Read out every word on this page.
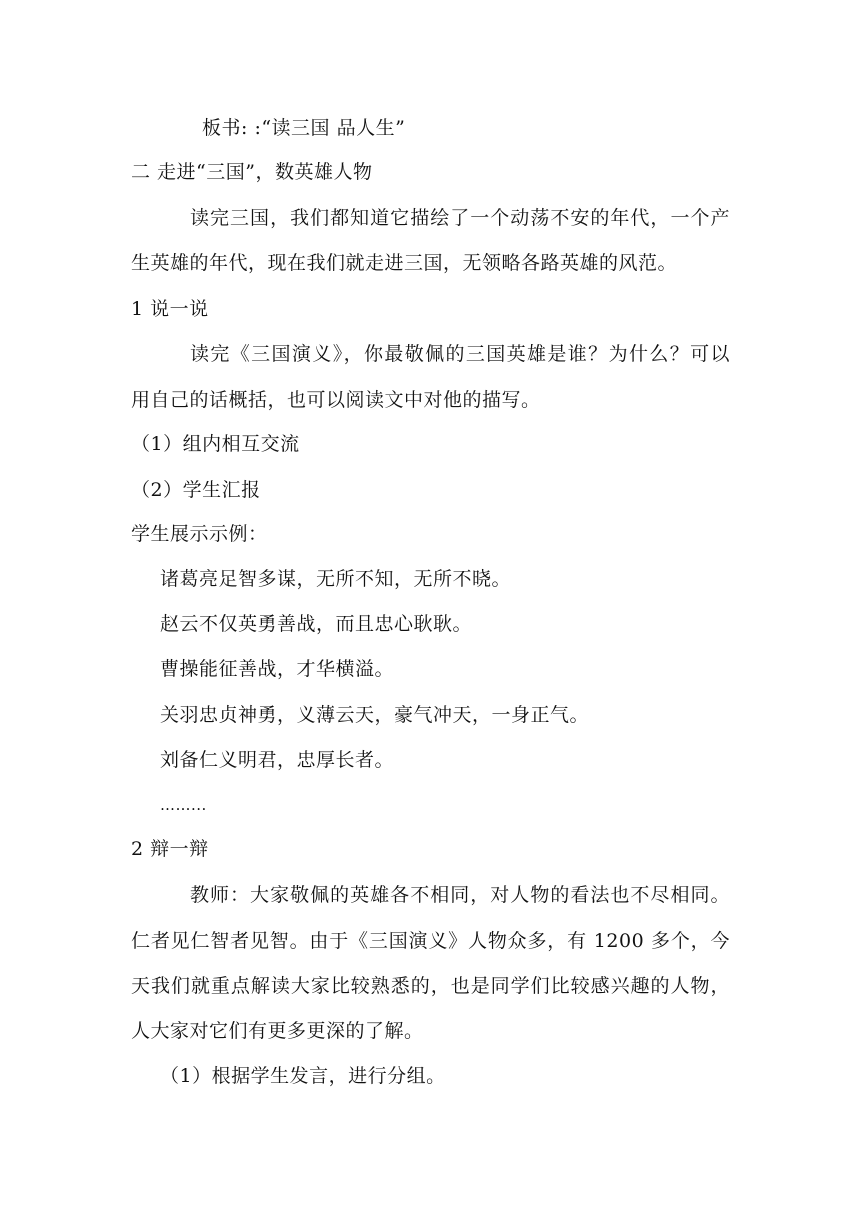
板书: :“读三国 品人生”
二 走进“三国”，数英雄人物
读完三国，我们都知道它描绘了一个动荡不安的年代，一个产
生英雄的年代，现在我们就走进三国，无领略各路英雄的风范。
1 说一说
读完《三国演义》，你最敬佩的三国英雄是谁？为什么？可以
用自己的话概括，也可以阅读文中对他的描写。
（1）组内相互交流
（2）学生汇报
学生展示示例：
诸葛亮足智多谋，无所不知，无所不晓。
赵云不仅英勇善战，而且忠心耿耿。
曹操能征善战，才华横溢。
关羽忠贞神勇，义薄云天，豪气冲天，一身正气。
刘备仁义明君，忠厚长者。
……...
2 辩一辩
教师：大家敬佩的英雄各不相同，对人物的看法也不尽相同。
仁者见仁智者见智。由于《三国演义》人物众多，有 1200 多个，今
天我们就重点解读大家比较熟悉的，也是同学们比较感兴趣的人物，
人大家对它们有更多更深的了解。
（1）根据学生发言，进行分组。
